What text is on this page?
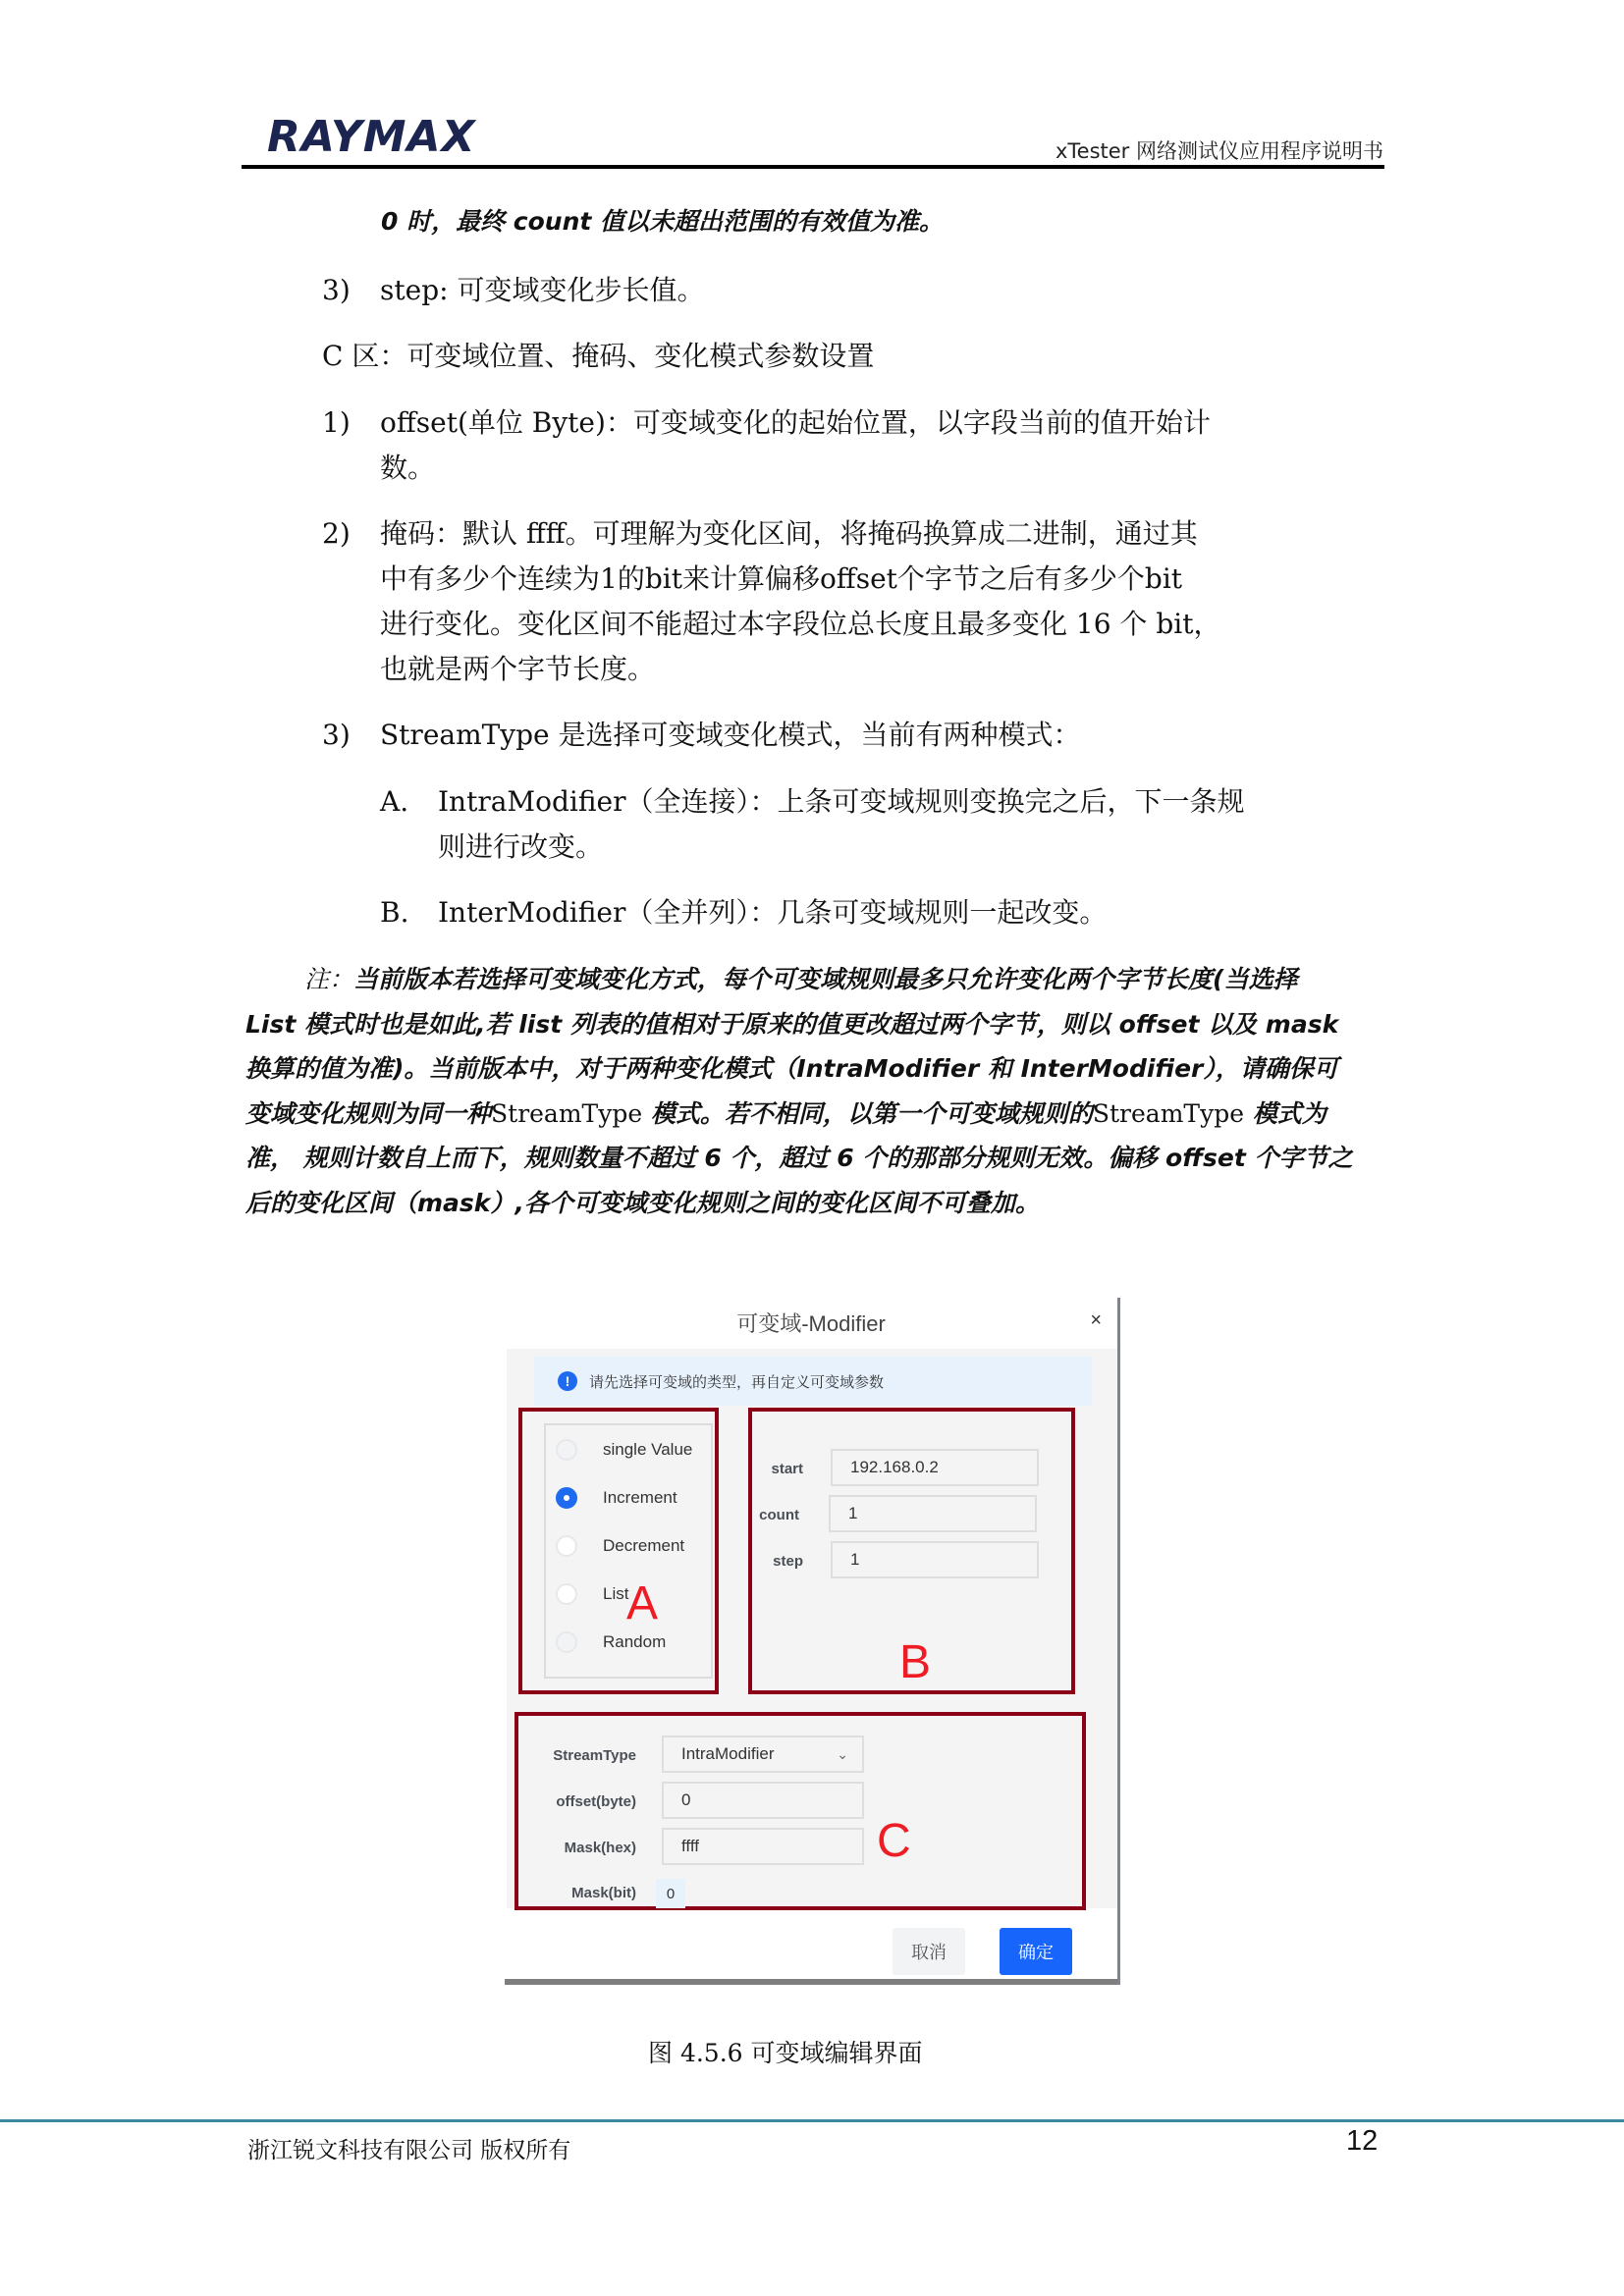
RAYMAX	xTester 网络测试仪应用程序说明书
0 时，最终 count 值以未超出范围的有效值为准。
3) step: 可变域变化步长值。
C 区：可变域位置、掩码、变化模式参数设置
1) offset(单位 Byte)：可变域变化的起始位置，以字段当前的值开始计
数。
2) 掩码：默认 ffff。可理解为变化区间，将掩码换算成二进制，通过其
中有多少个连续为1的bit来计算偏移offset个字节之后有多少个bit
进行变化。变化区间不能超过本字段位总长度且最多变化 16 个 bit，
也就是两个字节长度。
3) StreamType 是选择可变域变化模式，当前有两种模式：
A. IntraModifier（全连接）：上条可变域规则变换完之后，下一条规
则进行改变。
B. InterModifier（全并列）：几条可变域规则一起改变。
注：当前版本若选择可变域变化方式，每个可变域规则最多只允许变化两个字节长度(当选择 List 模式时也是如此,若 list 列表的值相对于原来的值更改超过两个字节，则以 offset 以及 mask 换算的值为准)。当前版本中，对于两种变化模式（IntraModifier 和 InterModifier），请确保可变域变化规则为同一种StreamType 模式。若不相同，以第一个可变域规则的StreamType 模式为准， 规则计数自上而下，规则数量不超过 6 个，超过 6 个的那部分规则无效。偏移 offset 个字节之后的变化区间（mask）,各个可变域变化规则之间的变化区间不可叠加。
可变域-Modifier	×
!	请先选择可变域的类型，再自定义可变域参数
single Value
Increment
Decrement
List
Random
A
start	192.168.0.2
count	1
step	1
B
StreamType	IntraModifier	⌄
offset(byte)	0
Mask(hex)	ffff
Mask(bit)	0
C
取消	确定
图 4.5.6 可变域编辑界面
浙江锐文科技有限公司 版权所有	12
